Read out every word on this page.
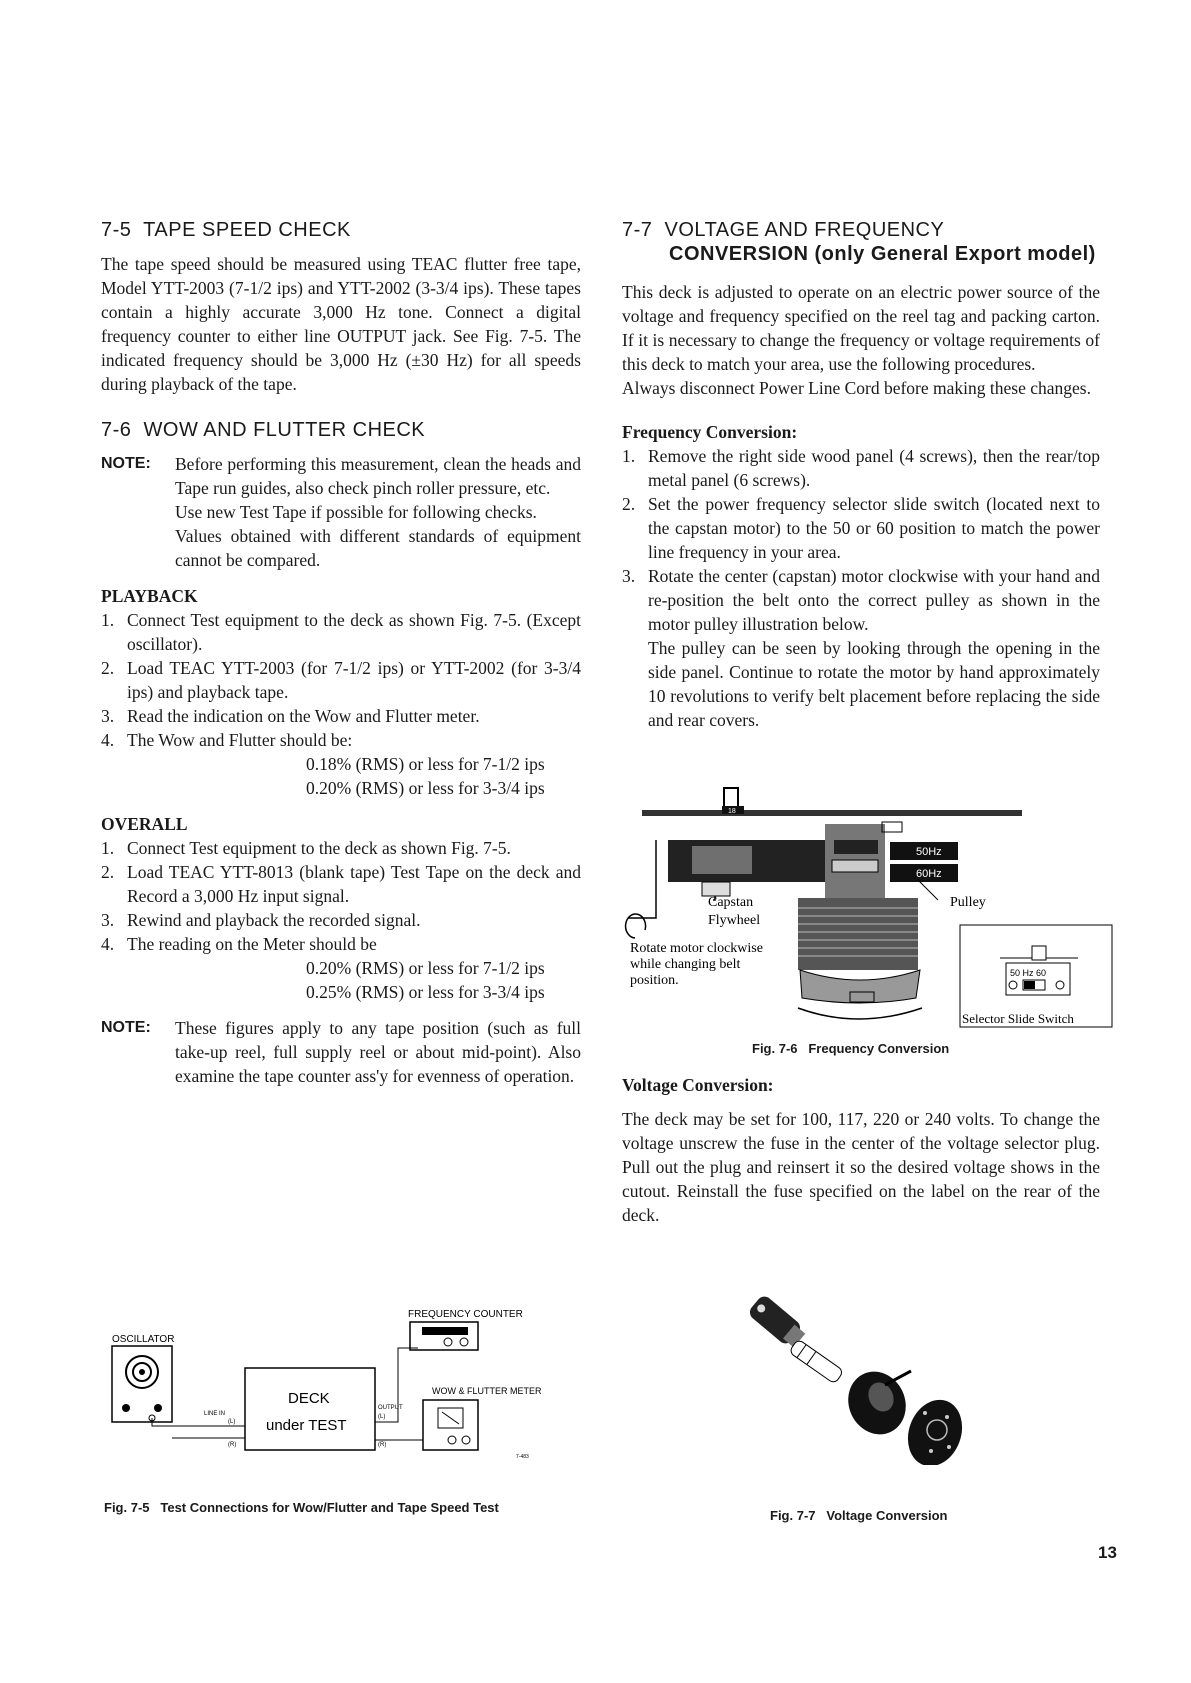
7-5 TAPE SPEED CHECK

The tape speed should be measured using TEAC flutter free tape, Model YTT-2003 (7-1/2 ips) and YTT-2002 (3-3/4 ips). These tapes contain a highly accurate 3,000 Hz tone. Connect a digital frequency counter to either line OUTPUT jack. See Fig. 7-5. The indicated frequency should be 3,000 Hz (±30 Hz) for all speeds during playback of the tape.

7-6 WOW AND FLUTTER CHECK
NOTE: Before performing this measurement, clean the heads and Tape run guides, also check pinch roller pressure, etc.

Use new Test Tape if possible for following checks.

Values obtained with different standards of equipment cannot be compared.

PLAYBACK
1. Connect Test equipment to the deck as shown Fig. 7-5. (Except oscillator).
2. Load TEAC YTT-2003 (for 7-1/2 ips) or YTT-2002 (for 3-3/4 ips) and playback tape.
3. Read the indication on the Wow and Flutter meter.
4. The Wow and Flutter should be:
0.18% (RMS) or less for 7-1/2 ips
0.20% (RMS) or less for 3-3/4 ips
OVERALL
1. Connect Test equipment to the deck as shown Fig. 7-5.
2. Load TEAC YTT-8013 (blank tape) Test Tape on the deck and Record a 3,000 Hz input signal.
3. Rewind and playback the recorded signal.
4. The reading on the Meter should be
0.20% (RMS) or less for 7-1/2 ips
0.25% (RMS) or less for 3-3/4 ips
NOTE: These figures apply to any tape position (such as full take-up reel, full supply reel or about mid-point). Also examine the tape counter ass'y for evenness of operation.

7-7 VOLTAGE AND FREQUENCY
CONVERSION (only General Export model)

This deck is adjusted to operate on an electric power source of the voltage and frequency specified on the reel tag and packing carton. If it is necessary to change the frequency or voltage requirements of this deck to match your area, use the following procedures.

Always disconnect Power Line Cord before making these changes.

Frequency Conversion:
1. Remove the right side wood panel (4 screws), then the rear/top metal panel (6 screws).
2. Set the power frequency selector slide switch (located next to the capstan motor) to the 50 or 60 position to match the power line frequency in your area.
3. Rotate the center (capstan) motor clockwise with your hand and re-position the belt onto the correct pulley as shown in the motor pulley illustration below.

The pulley can be seen by looking through the opening in the side panel. Continue to rotate the motor by hand approximately 10 revolutions to verify belt placement before replacing the side and rear covers.

18
50Hz
60Hz
Pulley
Capstan
Flywheel
Rotate motor clockwise
while changing belt
position.	50 Hz 60
Selector Slide Switch
Fig. 7-6 Frequency Conversion
Voltage Conversion:

The deck may be set for 100, 117, 220 or 240 volts. To change the voltage unscrew the fuse in the center of the voltage selector plug. Pull out the plug and reinsert it so the desired voltage shows in the cutout. Reinstall the fuse specified on the label on the rear of the deck.

OSCILLATOR
FREQUENCY COUNTER
DECK
under TEST
LINE IN
(L)
(R)
OUTPUT
(L)
(R)
WOW & FLUTTER METER
7-483
Fig. 7-5 Test Connections for Wow/Flutter and Tape Speed Test
Fig. 7-7 Voltage Conversion
13
